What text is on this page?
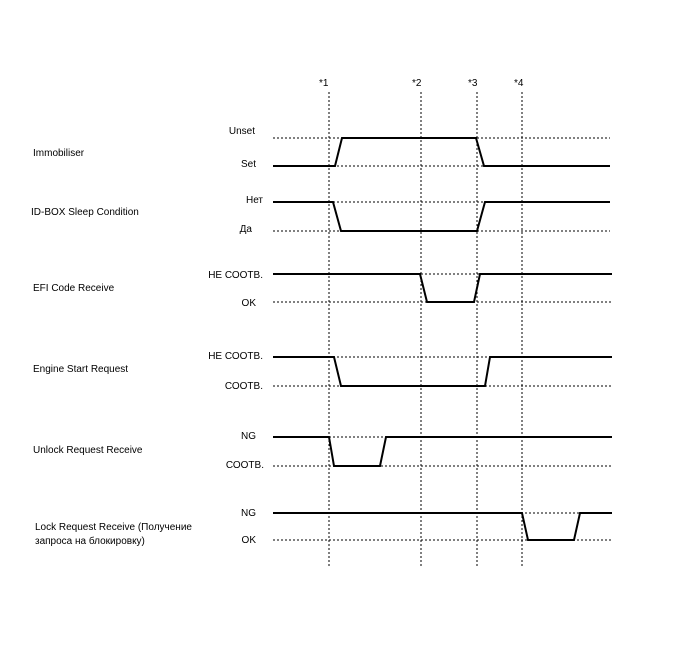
*1	*2	*3	*4
Immobiliser
Unset
Set
ID-BOX Sleep Condition
Нет
Да
EFI Code Receive
НЕ СООТВ.
OK
Engine Start Request
НЕ СООТВ.
СООТВ.
Unlock Request Receive
NG
СООТВ.
Lock Request Receive (Получение
запроса на блокировку)
NG
OK
